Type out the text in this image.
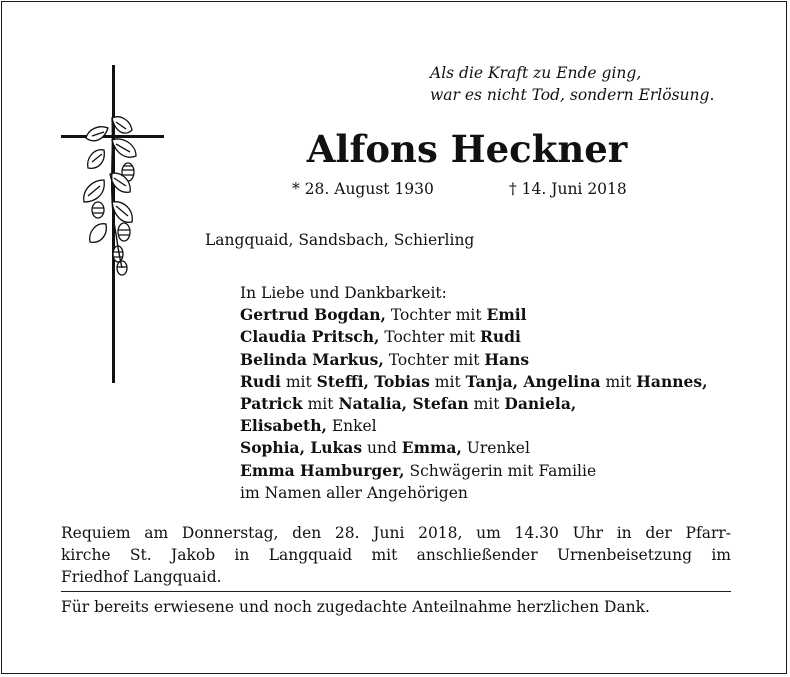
Als die Kraft zu Ende ging,
war es nicht Tod, sondern Erlösung.
Alfons Heckner
* 28. August 1930	† 14. Juni 2018
Langquaid, Sandsbach, Schierling
In Liebe und Dankbarkeit:
Gertrud Bogdan, Tochter mit Emil
Claudia Pritsch, Tochter mit Rudi
Belinda Markus, Tochter mit Hans
Rudi mit Steffi, Tobias mit Tanja, Angelina mit Hannes,
Patrick mit Natalia, Stefan mit Daniela,
Elisabeth, Enkel
Sophia, Lukas und Emma, Urenkel
Emma Hamburger, Schwägerin mit Familie
im Namen aller Angehörigen
Requiem am Donnerstag, den 28. Juni 2018, um 14.30 Uhr in der Pfarr-
kirche St. Jakob in Langquaid mit anschließender Urnenbeisetzung im
Friedhof Langquaid.
Für bereits erwiesene und noch zugedachte Anteilnahme herzlichen Dank.
